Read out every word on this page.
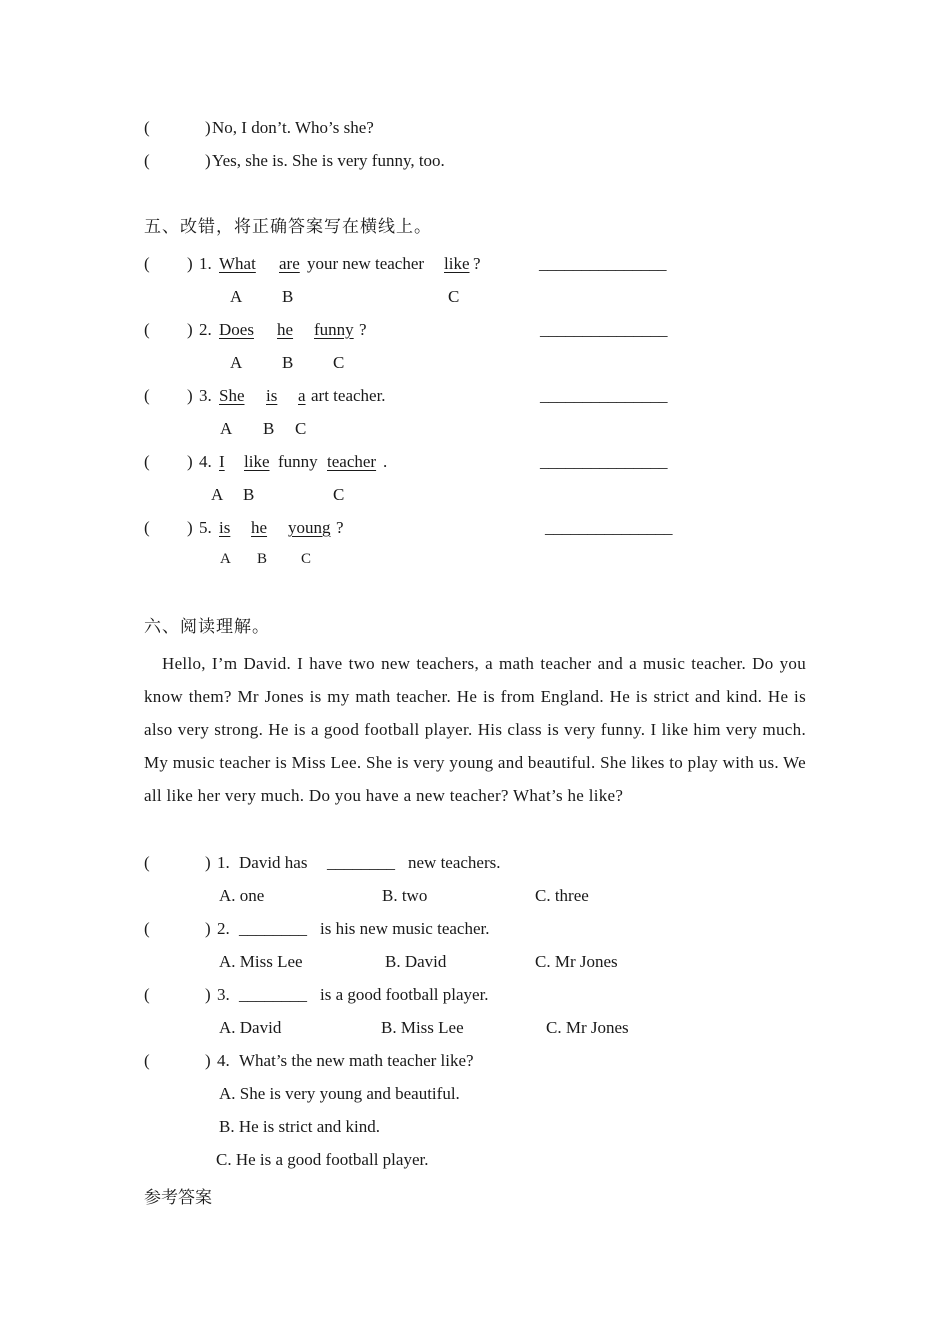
(	) No, I don’t. Who’s she?
(	) Yes, she is. She is very funny, too.
五、改错，将正确答案写在横线上。
( ) 1. What are your new teacher like ?	_______________
A B	C
( ) 2. Does he funny ?	_______________
A B C
( ) 3. She is a art teacher.	_______________
A B C
( ) 4. I like funny teacher .	_______________
A B	C
( ) 5. is he young ?	_______________
A B C
六、阅读理解。

Hello, I’m David. I have two new teachers, a math teacher and a music teacher. Do you know them? Mr Jones is my math teacher. He is from England. He is strict and kind. He is also very strong. He is a good football player. His class is very funny. I like him very much. My music teacher is Miss Lee. She is very young and beautiful. She likes to play with us. We all like her very much. Do you have a new teacher? What’s he like?

(	) 1. David has ________ new teachers.
A. one	B. two	C. three
(	) 2. ________ is his new music teacher.
A. Miss Lee	B. David	C. Mr Jones
(	) 3. ________ is a good football player.
A. David	B. Miss Lee	C. Mr Jones
(	) 4. What’s the new math teacher like?
A. She is very young and beautiful.
B. He is strict and kind.
C. He is a good football player.
参考答案
